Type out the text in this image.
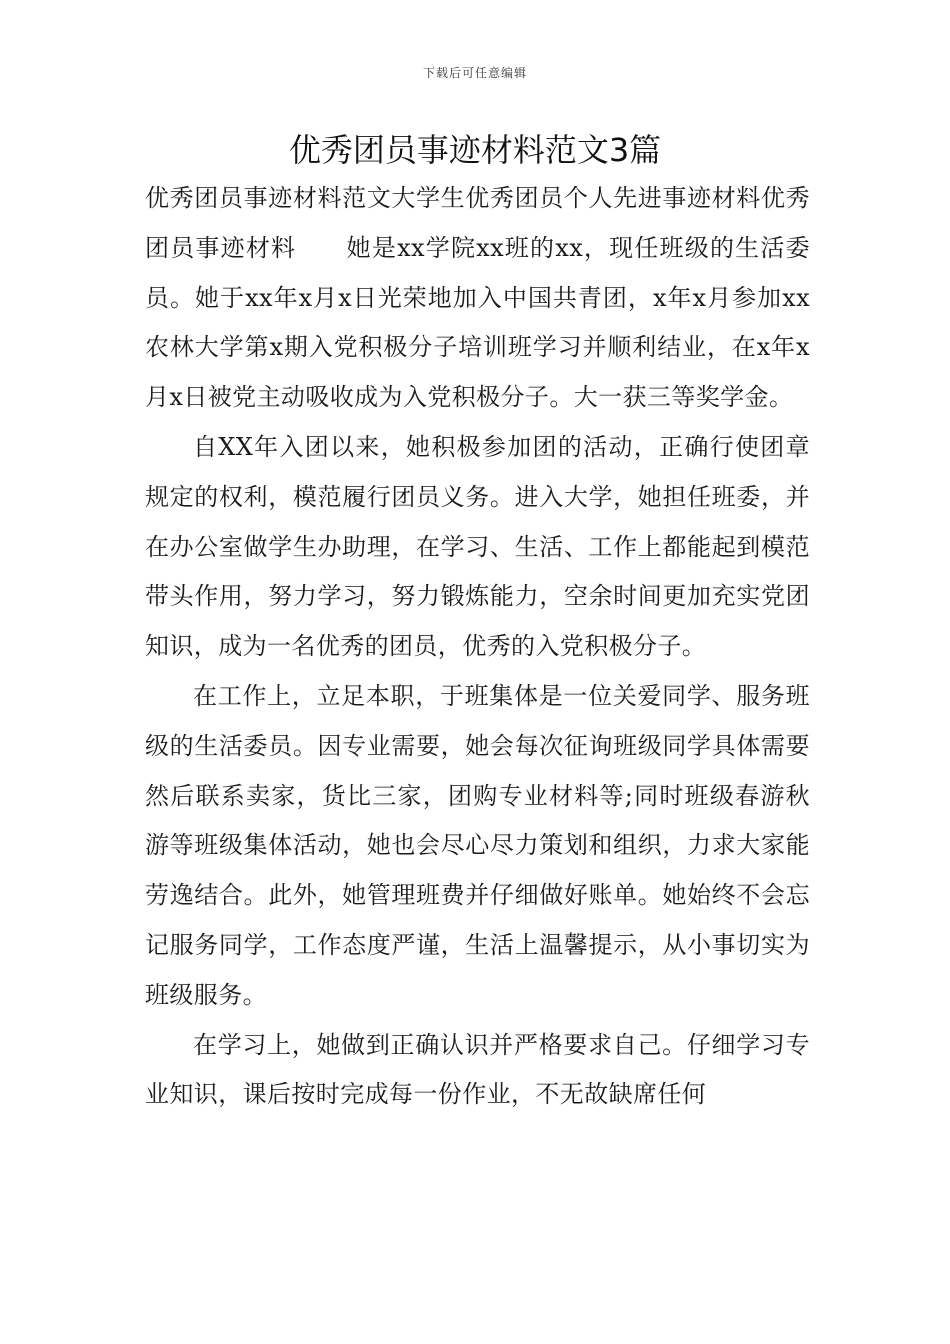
下载后可任意编辑
优秀团员事迹材料范文3篇

优秀团员事迹材料范文大学生优秀团员个人先进事迹材料优秀团员事迹材料　　她是xx学院xx班的xx，现任班级的生活委员。她于xx年x月x日光荣地加入中国共青团，x年x月参加xx农林大学第x期入党积极分子培训班学习并顺利结业，在x年x月x日被党主动吸收成为入党积极分子。大一获三等奖学金。

自XX年入团以来，她积极参加团的活动，正确行使团章规定的权利，模范履行团员义务。进入大学，她担任班委，并在办公室做学生办助理，在学习、生活、工作上都能起到模范带头作用，努力学习，努力锻炼能力，空余时间更加充实党团知识，成为一名优秀的团员，优秀的入党积极分子。

在工作上，立足本职，于班集体是一位关爱同学、服务班级的生活委员。因专业需要，她会每次征询班级同学具体需要然后联系卖家，货比三家，团购专业材料等;同时班级春游秋游等班级集体活动，她也会尽心尽力策划和组织，力求大家能劳逸结合。此外，她管理班费并仔细做好账单。她始终不会忘记服务同学，工作态度严谨，生活上温馨提示，从小事切实为班级服务。

在学习上，她做到正确认识并严格要求自己。仔细学习专业知识，课后按时完成每一份作业，不无故缺席任何
